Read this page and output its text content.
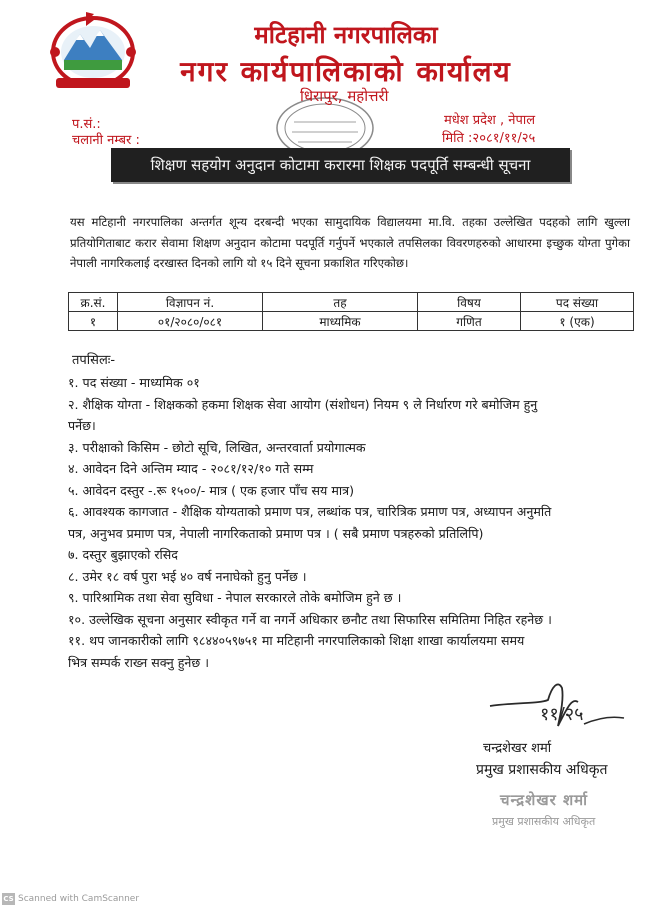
मटिहानी नगरपालिका
नगर कार्यपालिकाको कार्यालय
धिरापुर, महोत्तरी
प.सं.:
चलानी नम्बर :
मधेश प्रदेश , नेपाल
मिति :२०८१/११/२५
शिक्षण सहयोग अनुदान कोटामा करारमा शिक्षक पदपूर्ति सम्बन्धी सूचना
यस मटिहानी नगरपालिका अन्तर्गत शून्य दरबन्दी भएका सामुदायिक विद्यालयमा मा.वि. तहका उल्लेखित पदहको लागि खुल्ला प्रतियोगिताबाट करार सेवामा शिक्षण अनुदान कोटामा पदपूर्ति गर्नुपर्ने भएकाले तपसिलका विवरणहरुको आधारमा इच्छुक योग्ता पुगेका नेपाली नागरिकलाई दरखास्त दिनको लागि यो १५ दिने सूचना प्रकाशित गरिएकोछ।
क्र.सं.	विज्ञापन नं.	तह	विषय	पद संख्या
१	०१/२०८०/०८१	माध्यमिक	गणित	१ (एक)
तपसिलः-
१. पद संख्या - माध्यमिक ०१
२. शैक्षिक योग्ता - शिक्षकको हकमा शिक्षक सेवा आयोग (संशोधन) नियम ९ ले निर्धारण गरे बमोजिम हुनु
पर्नेछ।
३. परीक्षाको किसिम - छोटो सूचि, लिखित, अन्तरवार्ता प्रयोगात्मक
४. आवेदन दिने अन्तिम म्याद - २०८१/१२/१० गते सम्म
५. आवेदन दस्तुर -.रू १५००/- मात्र ( एक हजार पाँच सय मात्र)
६. आवश्यक कागजात - शैक्षिक योग्यताको प्रमाण पत्र, लब्धांक पत्र, चारित्रिक प्रमाण पत्र, अध्यापन अनुमति
पत्र, अनुभव प्रमाण पत्र, नेपाली नागरिकताको प्रमाण पत्र । ( सबै प्रमाण पत्रहरुको प्रतिलिपि)
७. दस्तुर बुझाएको रसिद
८. उमेर १८ वर्ष पुरा भई ४० वर्ष ननाघेको हुनु पर्नेछ ।
९. पारिश्रामिक तथा सेवा सुविधा - नेपाल सरकारले तोके बमोजिम हुने छ ।
१०. उल्लेखिक सूचना अनुसार स्वीकृत गर्ने वा नगर्ने अधिकार छनौट तथा सिफारिस समितिमा निहित रहनेछ ।
११. थप जानकारीको लागि ९८४४०५९७५१ मा मटिहानी नगरपालिकाको शिक्षा शाखा कार्यालयमा समय
भित्र सम्पर्क राख्न सक्नु हुनेछ ।
११/२५
चन्द्रशेखर शर्मा
प्रमुख प्रशासकीय अधिकृत
चन्द्रशेखर शर्मा
प्रमुख प्रशासकीय अधिकृत
CS Scanned with CamScanner
